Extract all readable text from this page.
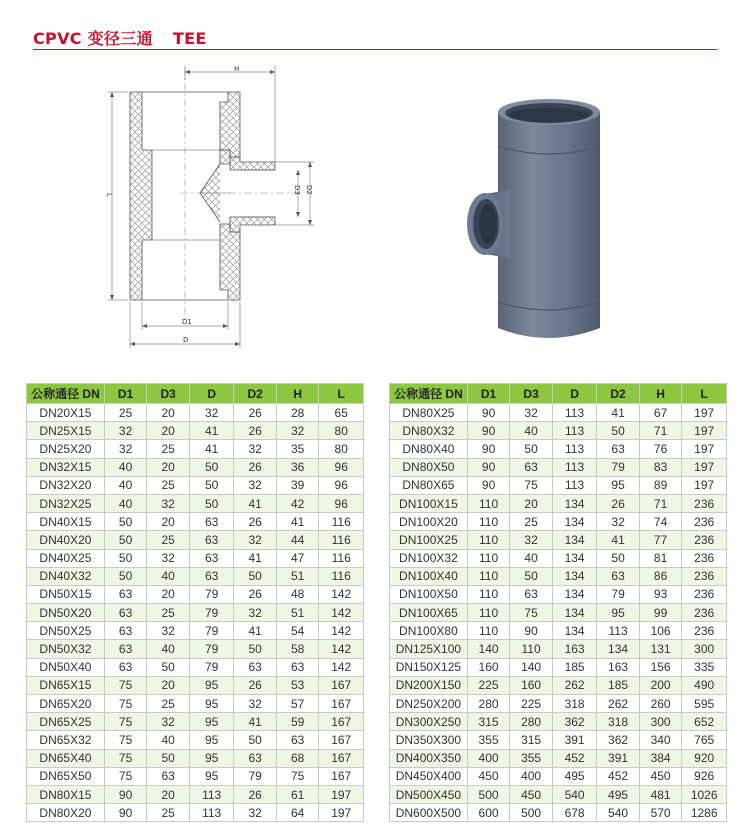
CPVC 变径三通 TEE
H
L
D3 D2
D1
D
公称通径 DN	D1	D3	D	D2	H	L
DN20X15	25	20	32	26	28	65
DN25X15	32	20	41	26	32	80
DN25X20	32	25	41	32	35	80
DN32X15	40	20	50	26	36	96
DN32X20	40	25	50	32	39	96
DN32X25	40	32	50	41	42	96
DN40X15	50	20	63	26	41	116
DN40X20	50	25	63	32	44	116
DN40X25	50	32	63	41	47	116
DN40X32	50	40	63	50	51	116
DN50X15	63	20	79	26	48	142
DN50X20	63	25	79	32	51	142
DN50X25	63	32	79	41	54	142
DN50X32	63	40	79	50	58	142
DN50X40	63	50	79	63	63	142
DN65X15	75	20	95	26	53	167
DN65X20	75	25	95	32	57	167
DN65X25	75	32	95	41	59	167
DN65X32	75	40	95	50	63	167
DN65X40	75	50	95	63	68	167
DN65X50	75	63	95	79	75	167
DN80X15	90	20	113	26	61	197
DN80X20	90	25	113	32	64	197
公称通径 DN	D1	D3	D	D2	H	L
DN80X25	90	32	113	41	67	197
DN80X32	90	40	113	50	71	197
DN80X40	90	50	113	63	76	197
DN80X50	90	63	113	79	83	197
DN80X65	90	75	113	95	89	197
DN100X15	110	20	134	26	71	236
DN100X20	110	25	134	32	74	236
DN100X25	110	32	134	41	77	236
DN100X32	110	40	134	50	81	236
DN100X40	110	50	134	63	86	236
DN100X50	110	63	134	79	93	236
DN100X65	110	75	134	95	99	236
DN100X80	110	90	134	113	106	236
DN125X100	140	110	163	134	131	300
DN150X125	160	140	185	163	156	335
DN200X150	225	160	262	185	200	490
DN250X200	280	225	318	262	260	595
DN300X250	315	280	362	318	300	652
DN350X300	355	315	391	362	340	765
DN400X350	400	355	452	391	384	920
DN450X400	450	400	495	452	450	926
DN500X450	500	450	540	495	481	1026
DN600X500	600	500	678	540	570	1286
